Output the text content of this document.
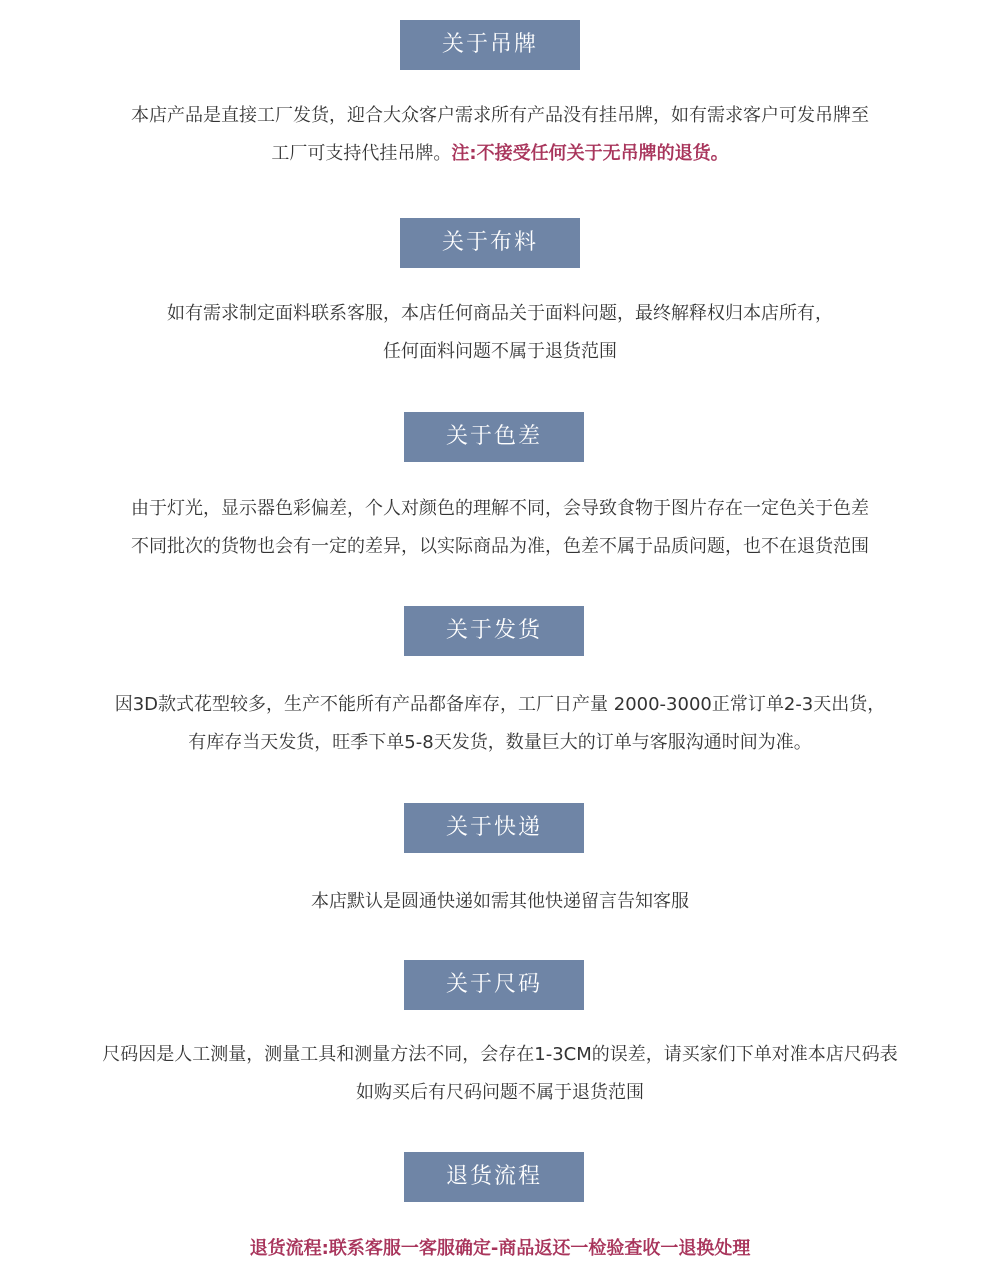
关于吊牌
本店产品是直接工厂发货，迎合大众客户需求所有产品没有挂吊牌，如有需求客户可发吊牌至
工厂可支持代挂吊牌。注:不接受任何关于无吊牌的退货。
关于布料
如有需求制定面料联系客服，本店任何商品关于面料问题，最终解释权归本店所有，
任何面料问题不属于退货范围
关于色差
由于灯光，显示器色彩偏差，个人对颜色的理解不同，会导致食物于图片存在一定色关于色差
不同批次的货物也会有一定的差异，以实际商品为准，色差不属于品质问题，也不在退货范围
关于发货
因3D款式花型较多，生产不能所有产品都备库存，工厂日产量 2000-3000正常订单2-3天出货，
有库存当天发货，旺季下单5-8天发货，数量巨大的订单与客服沟通时间为准。
关于快递
本店默认是圆通快递如需其他快递留言告知客服
关于尺码
尺码因是人工测量，测量工具和测量方法不同，会存在1-3CM的误差，请买家们下单对准本店尺码表
如购买后有尺码问题不属于退货范围
退货流程
退货流程:联系客服一客服确定-商品返还一检验查收一退换处理
